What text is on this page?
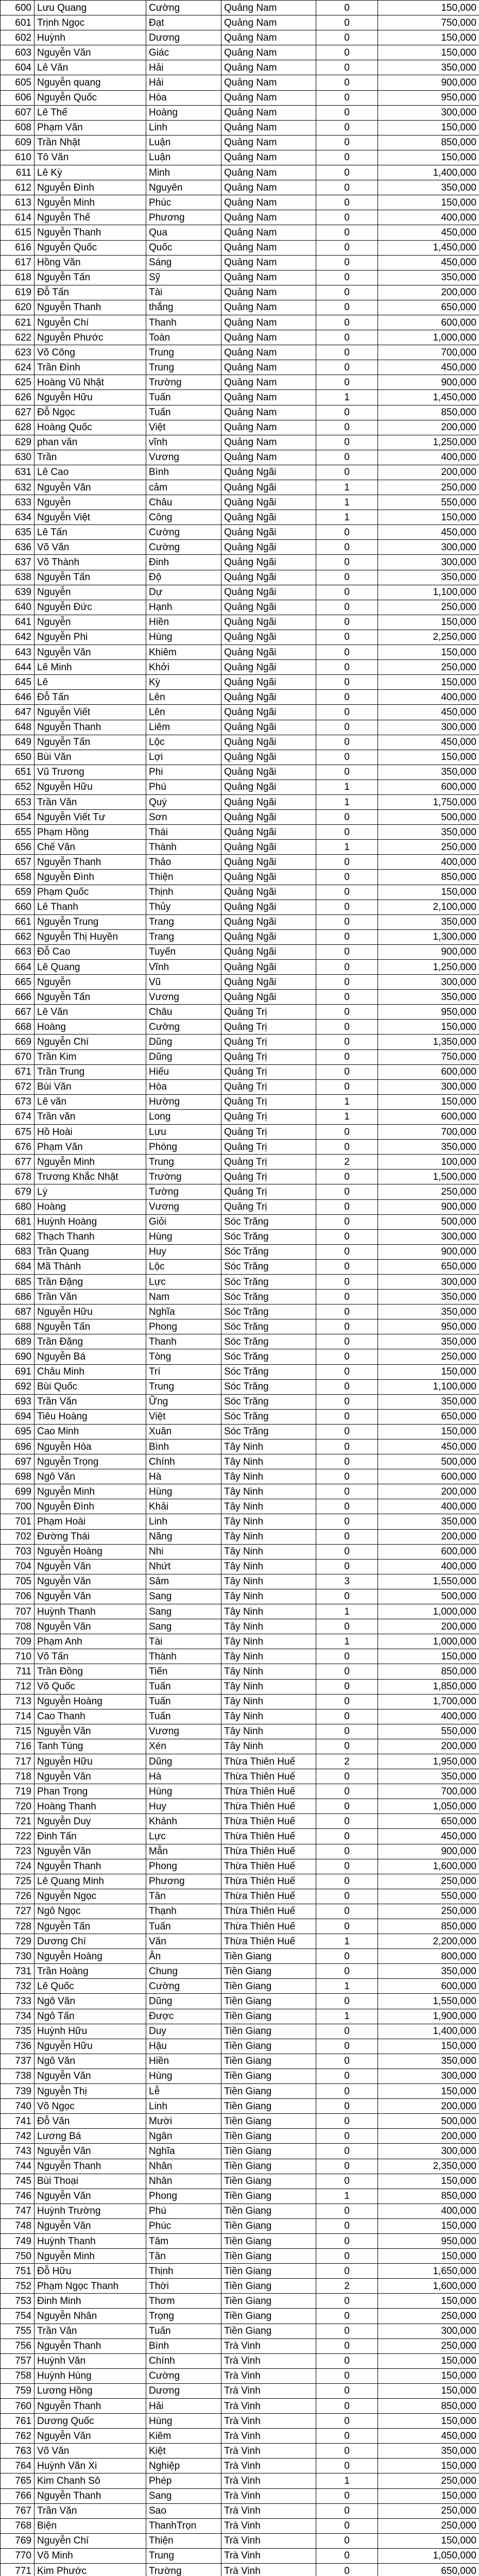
600	Lưu Quang	Cường	Quảng Nam	0	150,000
601	Trịnh Ngọc	Đạt	Quảng Nam	0	750,000
602	Huỳnh	Dương	Quảng Nam	0	150,000
603	Nguyễn Văn	Giác	Quảng Nam	0	150,000
604	Lê Văn	Hải	Quảng Nam	0	350,000
605	Nguyễn quang	Hải	Quảng Nam	0	900,000
606	Nguyễn Quốc	Hòa	Quảng Nam	0	950,000
607	Lê Thế	Hoàng	Quảng Nam	0	300,000
608	Phạm Văn	Linh	Quảng Nam	0	150,000
609	Trần Nhật	Luận	Quảng Nam	0	850,000
610	Tô Văn	Luận	Quảng Nam	0	150,000
611	Lê Kỳ	Minh	Quảng Nam	0	1,400,000
612	Nguyễn Đình	Nguyên	Quảng Nam	0	350,000
613	Nguyễn Minh	Phúc	Quảng Nam	0	150,000
614	Nguyễn Thế	Phương	Quảng Nam	0	400,000
615	Nguyễn Thanh	Qua	Quảng Nam	0	450,000
616	Nguyễn Quốc	Quốc	Quảng Nam	0	1,450,000
617	Hồng Văn	Sáng	Quảng Nam	0	450,000
618	Nguyễn Tấn	Sỹ	Quảng Nam	0	350,000
619	Đỗ Tấn	Tài	Quảng Nam	0	200,000
620	Nguyễn Thanh	thắng	Quảng Nam	0	650,000
621	Nguyễn Chí	Thanh	Quảng Nam	0	600,000
622	Nguyễn Phước	Toàn	Quảng Nam	0	1,000,000
623	Võ Công	Trung	Quảng Nam	0	700,000
624	Trần Đình	Trung	Quảng Nam	0	450,000
625	Hoàng Vũ Nhật	Trường	Quảng Nam	0	900,000
626	Nguyễn Hữu	Tuấn	Quảng Nam	1	1,450,000
627	Đỗ Ngọc	Tuấn	Quảng Nam	0	850,000
628	Hoàng Quốc	Việt	Quảng Nam	0	200,000
629	phan văn	vĩnh	Quảng Nam	0	1,250,000
630	Trần	Vương	Quảng Nam	0	400,000
631	Lê Cao	Bình	Quảng Ngãi	0	200,000
632	Nguyễn Văn	cảm	Quảng Ngãi	1	250,000
633	Nguyễn	Châu	Quảng Ngãi	1	550,000
634	Nguyễn Việt	Công	Quảng Ngãi	1	150,000
635	Lê Tấn	Cường	Quảng Ngãi	0	450,000
636	Võ Văn	Cường	Quảng Ngãi	0	300,000
637	Võ Thành	Đinh	Quảng Ngãi	0	300,000
638	Nguyễn Tấn	Độ	Quảng Ngãi	0	350,000
639	Nguyễn	Dự	Quảng Ngãi	0	1,100,000
640	Nguyễn Đức	Hạnh	Quảng Ngãi	0	250,000
641	Nguyễn	Hiền	Quảng Ngãi	0	150,000
642	Nguyễn Phi	Hùng	Quảng Ngãi	0	2,250,000
643	Nguyễn Văn	Khiêm	Quảng Ngãi	0	150,000
644	Lê Minh	Khởi	Quảng Ngãi	0	250,000
645	Lê	Kỳ	Quảng Ngãi	0	150,000
646	Đỗ Tấn	Lên	Quảng Ngãi	0	400,000
647	Nguyễn Viết	Lên	Quảng Ngãi	0	450,000
648	Nguyễn Thanh	Liêm	Quảng Ngãi	0	300,000
649	Nguyễn Tấn	Lộc	Quảng Ngãi	0	450,000
650	Bùi Văn	Lợi	Quảng Ngãi	0	150,000
651	Vũ Trương	Phi	Quảng Ngãi	0	350,000
652	Nguyễn Hữu	Phú	Quảng Ngãi	1	600,000
653	Trần Văn	Quý	Quảng Ngãi	1	1,750,000
654	Nguyễn Viết Tư	Sơn	Quảng Ngãi	0	500,000
655	Phạm Hồng	Thái	Quảng Ngãi	0	350,000
656	Chế Văn	Thành	Quảng Ngãi	1	250,000
657	Nguyễn Thanh	Thảo	Quảng Ngãi	0	400,000
658	Nguyễn Đình	Thiện	Quảng Ngãi	0	850,000
659	Phạm Quốc	Thịnh	Quảng Ngãi	0	150,000
660	Lê Thanh	Thủy	Quảng Ngãi	0	2,100,000
661	Nguyễn Trung	Trang	Quảng Ngãi	0	350,000
662	Nguyễn Thị Huyền	Trang	Quảng Ngãi	0	1,300,000
663	Đỗ Cao	Tuyến	Quảng Ngãi	0	900,000
664	Lê Quang	Vĩnh	Quảng Ngãi	0	1,250,000
665	Nguyễn	Vũ	Quảng Ngãi	0	300,000
666	Nguyễn Tấn	Vương	Quảng Ngãi	0	350,000
667	Lê Văn	Châu	Quảng Trị	0	950,000
668	Hoàng	Cường	Quảng Trị	0	150,000
669	Nguyễn Chí	Dũng	Quảng Trị	0	1,350,000
670	Trần Kim	Dũng	Quảng Trị	0	750,000
671	Trần Trung	Hiếu	Quảng Trị	0	600,000
672	Bùi Văn	Hòa	Quảng Trị	0	300,000
673	Lê văn	Hường	Quảng Trị	1	150,000
674	Trần văn	Long	Quảng Trị	1	600,000
675	Hồ Hoài	Lưu	Quảng Trị	0	700,000
676	Phạm Văn	Phòng	Quảng Trị	0	350,000
677	Nguyễn Minh	Trung	Quảng Trị	2	100,000
678	Trương Khắc Nhật	Trường	Quảng Trị	0	1,500,000
679	Lý	Tường	Quảng Trị	0	250,000
680	Hoàng	Vương	Quảng Trị	0	900,000
681	Huỳnh Hoàng	Giỏi	Sóc Trăng	0	500,000
682	Thạch Thanh	Hùng	Sóc Trăng	0	300,000
683	Trần Quang	Huy	Sóc Trăng	0	900,000
684	Mã Thành	Lộc	Sóc Trăng	0	650,000
685	Trần Đặng	Lực	Sóc Trăng	0	300,000
686	Trần Văn	Nam	Sóc Trăng	0	350,000
687	Nguyễn Hữu	Nghĩa	Sóc Trăng	0	350,000
688	Nguyễn Tấn	Phong	Sóc Trăng	0	950,000
689	Trần Đặng	Thanh	Sóc Trăng	0	350,000
690	Nguyễn Bá	Tòng	Sóc Trăng	0	250,000
691	Châu Minh	Trí	Sóc Trăng	0	150,000
692	Bùi Quốc	Trung	Sóc Trăng	0	1,100,000
693	Trần Văn	Ững	Sóc Trăng	0	350,000
694	Tiêu Hoàng	Việt	Sóc Trăng	0	650,000
695	Cao Minh	Xuân	Sóc Trăng	0	150,000
696	Nguyễn Hòa	Bình	Tây Ninh	0	450,000
697	Nguyễn Trọng	Chính	Tây Ninh	0	500,000
698	Ngô Văn	Hà	Tây Ninh	0	600,000
699	Nguyễn Minh	Hùng	Tây Ninh	0	200,000
700	Nguyễn Đình	Khải	Tây Ninh	0	400,000
701	Phạm Hoài	Linh	Tây Ninh	0	350,000
702	Đường Thái	Năng	Tây Ninh	0	200,000
703	Nguyễn Hoàng	Nhi	Tây Ninh	0	600,000
704	Nguyễn Văn	Nhứt	Tây Ninh	0	400,000
705	Nguyễn Văn	Sâm	Tây Ninh	3	1,550,000
706	Nguyễn Văn	Sang	Tây Ninh	0	500,000
707	Huỳnh Thanh	Sang	Tây Ninh	1	1,000,000
708	Nguyễn Văn	Sang	Tây Ninh	0	200,000
709	Phạm Anh	Tài	Tây Ninh	1	1,000,000
710	Võ Tấn	Thành	Tây Ninh	0	150,000
711	Trần Đồng	Tiến	Tây Ninh	0	850,000
712	Võ Quốc	Tuấn	Tây Ninh	0	1,850,000
713	Nguyễn Hoàng	Tuấn	Tây Ninh	0	1,700,000
714	Cao Thanh	Tuấn	Tây Ninh	0	400,000
715	Nguyễn Văn	Vương	Tây Ninh	0	550,000
716	Tanh Tùng	Xén	Tây Ninh	0	200,000
717	Nguyễn Hữu	Dũng	Thừa Thiên Huế	2	1,950,000
718	Nguyễn Văn	Hà	Thừa Thiên Huế	0	350,000
719	Phan Trọng	Hùng	Thừa Thiên Huế	0	700,000
720	Hoàng Thanh	Huy	Thừa Thiên Huế	0	1,050,000
721	Nguyễn Duy	Khánh	Thừa Thiên Huế	0	650,000
722	Đinh Tấn	Lực	Thừa Thiên Huế	0	450,000
723	Nguyễn Văn	Mẫn	Thừa Thiên Huế	0	900,000
724	Nguyễn Thanh	Phong	Thừa Thiên Huế	0	1,600,000
725	Lê Quang Minh	Phương	Thừa Thiên Huế	0	250,000
726	Nguyễn Ngọc	Tân	Thừa Thiên Huế	0	550,000
727	Ngô Ngọc	Thạnh	Thừa Thiên Huế	0	250,000
728	Nguyễn Tấn	Tuấn	Thừa Thiên Huế	0	850,000
729	Dương Chí	Văn	Thừa Thiên Huế	1	2,200,000
730	Nguyễn Hoàng	Ân	Tiền Giang	0	800,000
731	Trần Hoàng	Chung	Tiền Giang	0	350,000
732	Lê Quốc	Cường	Tiền Giang	1	600,000
733	Ngô Văn	Dũng	Tiền Giang	0	1,550,000
734	Ngô Tấn	Được	Tiền Giang	1	1,900,000
735	Huỳnh Hữu	Duy	Tiền Giang	0	1,400,000
736	Nguyễn Hữu	Hậu	Tiền Giang	0	150,000
737	Ngô Văn	Hiền	Tiền Giang	0	350,000
738	Nguyễn Văn	Hùng	Tiền Giang	0	300,000
739	Nguyễn Thị	Lễ	Tiền Giang	0	150,000
740	Võ Ngọc	Linh	Tiền Giang	0	200,000
741	Đỗ Văn	Mười	Tiền Giang	0	500,000
742	Lương Bá	Ngân	Tiền Giang	0	200,000
743	Nguyễn Văn	Nghĩa	Tiền Giang	0	300,000
744	Nguyễn Thanh	Nhân	Tiền Giang	0	2,350,000
745	Bùi Thoại	Nhân	Tiền Giang	0	150,000
746	Nguyễn Văn	Phong	Tiền Giang	1	850,000
747	Huỳnh Trường	Phú	Tiền Giang	0	400,000
748	Nguyễn Văn	Phúc	Tiền Giang	0	150,000
749	Huỳnh Thanh	Tâm	Tiền Giang	0	950,000
750	Nguyễn Minh	Tân	Tiền Giang	0	150,000
751	Đỗ Hữu	Thịnh	Tiền Giang	0	1,650,000
752	Phạm Ngọc Thanh	Thời	Tiền Giang	2	1,600,000
753	Đinh Minh	Thơm	Tiền Giang	0	150,000
754	Nguyễn Nhân	Trọng	Tiền Giang	0	250,000
755	Trần Văn	Tuấn	Tiền Giang	0	300,000
756	Nguyễn Thanh	Bình	Trà Vinh	0	250,000
757	Huỳnh Văn	Chính	Trà Vinh	0	150,000
758	Huỳnh Hùng	Cường	Trà Vinh	0	150,000
759	Lương Hồng	Dương	Trà Vinh	0	150,000
760	Nguyễn Thanh	Hải	Trà Vinh	0	850,000
761	Dương Quốc	Hùng	Trà Vinh	0	150,000
762	Nguyễn Văn	Kiêm	Trà Vinh	0	450,000
763	Võ Văn	Kiệt	Trà Vinh	0	350,000
764	Huỳnh Văn Xi	Nghiệp	Trà Vinh	0	150,000
765	Kim Chanh Sô	Phép	Trà Vinh	1	250,000
766	Nguyễn Thanh	Sang	Trà Vinh	0	150,000
767	Trần Văn	Sao	Trà Vinh	0	250,000
768	Biện	ThanhTrọn	Trà Vinh	0	250,000
769	Nguyễn Chí	Thiện	Trà Vinh	0	150,000
770	Võ Minh	Trung	Trà Vinh	0	1,050,000
771	Kim Phước	Trường	Trà Vinh	0	650,000
